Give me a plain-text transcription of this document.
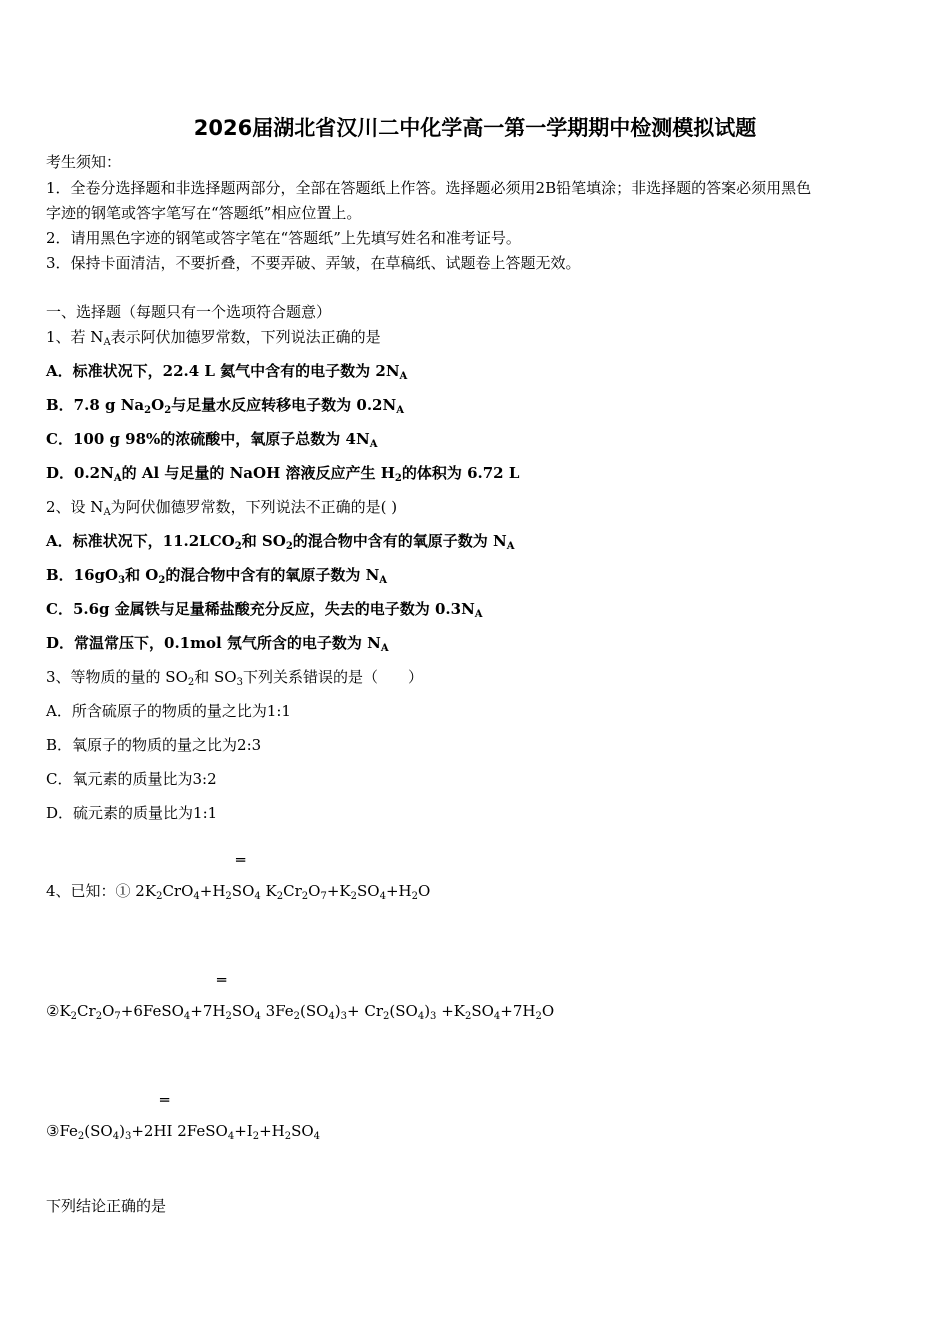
2026届湖北省汉川二中化学高一第一学期期中检测模拟试题
考生须知：
1．全卷分选择题和非选择题两部分，全部在答题纸上作答。选择题必须用2B铅笔填涂；非选择题的答案必须用黑色
字迹的钢笔或答字笔写在“答题纸”相应位置上。
2．请用黑色字迹的钢笔或答字笔在“答题纸”上先填写姓名和准考证号。
3．保持卡面清洁，不要折叠，不要弄破、弄皱，在草稿纸、试题卷上答题无效。
一、选择题（每题只有一个选项符合题意）
1、若 $N_A$表示阿伏加德罗常数，下列说法正确的是
A．标准状况下，22.4 L 氦气中含有的电子数为 $2N_A$
B．7.8 g $Na_2O_2$与足量水反应转移电子数为 $0.2N_A$
C．100 g 98%的浓硫酸中，氧原子总数为 $4N_A$
D．$0.2N_A$的 Al 与足量的 NaOH 溶液反应产生 $H_2$的体积为 6.72 L
2、设 $N_A$为阿伏伽德罗常数，下列说法不正确的是( )
A．标准状况下，$11.2LCO_2$和 $SO_2$的混合物中含有的氧原子数为 $N_A$
B．$16gO_3$和 $O_2$的混合物中含有的氧原子数为 $N_A$
C．5.6g 金属铁与足量稀盐酸充分反应，失去的电子数为 $0.3N_A$
D．常温常压下，0.1mol 氖气所含的电子数为 $N_A$
3、等物质的量的 $SO_2$和 $SO_3$下列关系错误的是（　　）
A．所含硫原子的物质的量之比为1:1
B．氧原子的物质的量之比为2:3
C．氧元素的质量比为3:2
D．硫元素的质量比为1:1
═
4、已知：① $2K_2CrO_4+H_2SO_4$ $K_2Cr_2O_7+K_2SO_4+H_2O$
═
$②K_2Cr_2O_7+6FeSO_4+7H_2SO_4$ $3Fe_2(SO_4)_3+ Cr_2(SO_4)_3 +K_2SO_4+7H_2O$
═
$③Fe_2(SO_4)_3+2HI$ $2FeSO_4+I_2+H_2SO_4$
下列结论正确的是
